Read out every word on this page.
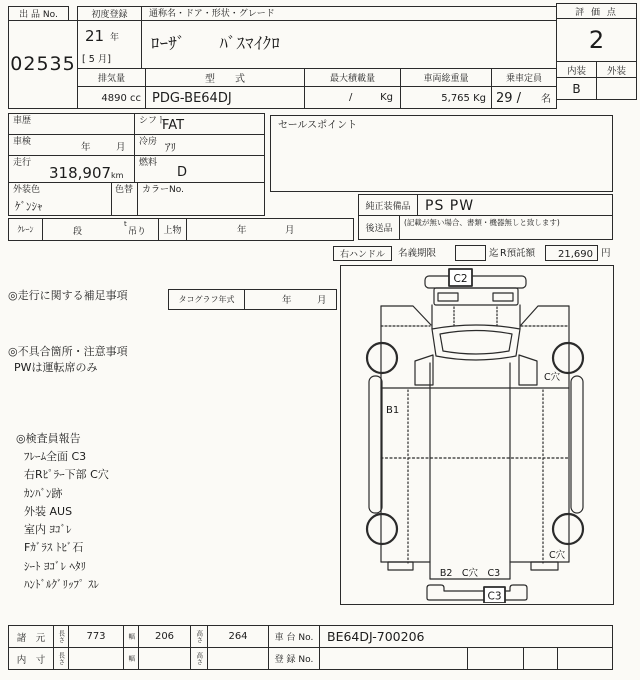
出 品 No.
02535
初度登録
21 年
[ 5 月]
通称名・ドア・形状・グレード
ﾛｰｻﾞ　　ﾊﾞｽﾏｲｸﾛ
排気量
4890 cc
型　　式
PDG-BE64DJ
最大積載量
/	Kg
車両総重量
5,765 Kg
乗車定員
29 / 名
評 価 点
2
内装 外装
B
車歴	シフト
FAT
車検	年	月 冷房 ｱﾘ
走行
318,907km
燃料
D
外装色
ｹﾞﾝｼｬ
色替 カラーNo.
ｸﾚｰﾝ	段
t
吊り 上物	年	月
セールスポイント
純正装備品 PS PW
後送品
(記載が無い場合、書類・機器無しと致します)
右ハンドル 名義期限	迄 R預託額 21,690 円
◎走行に関する補足事項	タコグラフ年式	年	月
◎不具合箇所・注意事項
PWは運転席のみ
◎検査員報告
ﾌﾚｰﾑ全面 C3
右Rﾋﾟﾗｰ下部 C穴
ｶﾝﾊﾞﾝ跡
外装 AUS
室内 ﾖｺﾞﾚ
Fｶﾞﾗｽ ﾄﾋﾞ石
ｼｰﾄ ﾖｺﾞﾚ ﾍﾀﾘ
ﾊﾝﾄﾞﾙｸﾞﾘｯﾌﾟ ｽﾚ
C2
C穴
B1
C穴
B2　C穴　C3
C3
諸　元 長さ 773	幅 206	高さ	264	車 台 No. BE64DJ-700206
内　寸 長さ	幅	高さ	登 録 No.
